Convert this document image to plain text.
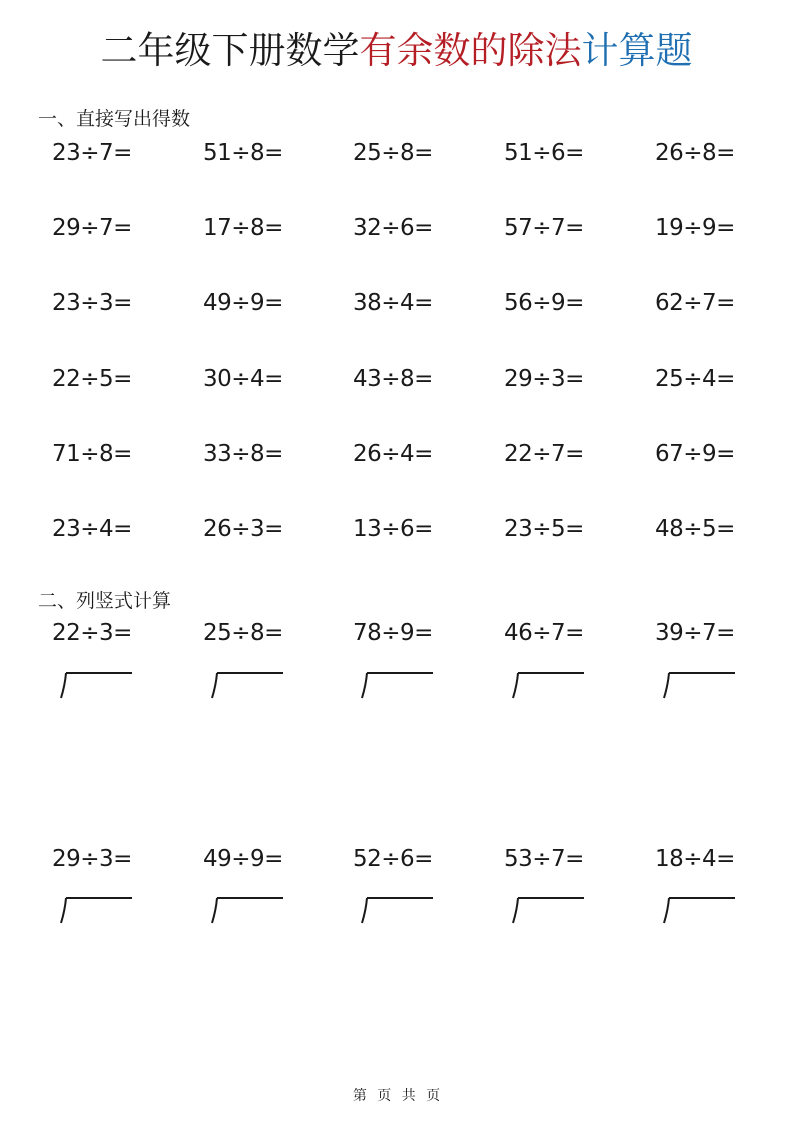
二年级下册数学有余数的除法计算题
一、直接写出得数
23÷7=	51÷8=	25÷8=	51÷6=	26÷8=
29÷7=	17÷8=	32÷6=	57÷7=	19÷9=
23÷3=	49÷9=	38÷4=	56÷9=	62÷7=
22÷5=	30÷4=	43÷8=	29÷3=	25÷4=
71÷8=	33÷8=	26÷4=	22÷7=	67÷9=
23÷4=	26÷3=	13÷6=	23÷5=	48÷5=
二、列竖式计算
22÷3=	25÷8=	78÷9=	46÷7=	39÷7=
29÷3=	49÷9=	52÷6=	53÷7=	18÷4=
第 页 共 页
